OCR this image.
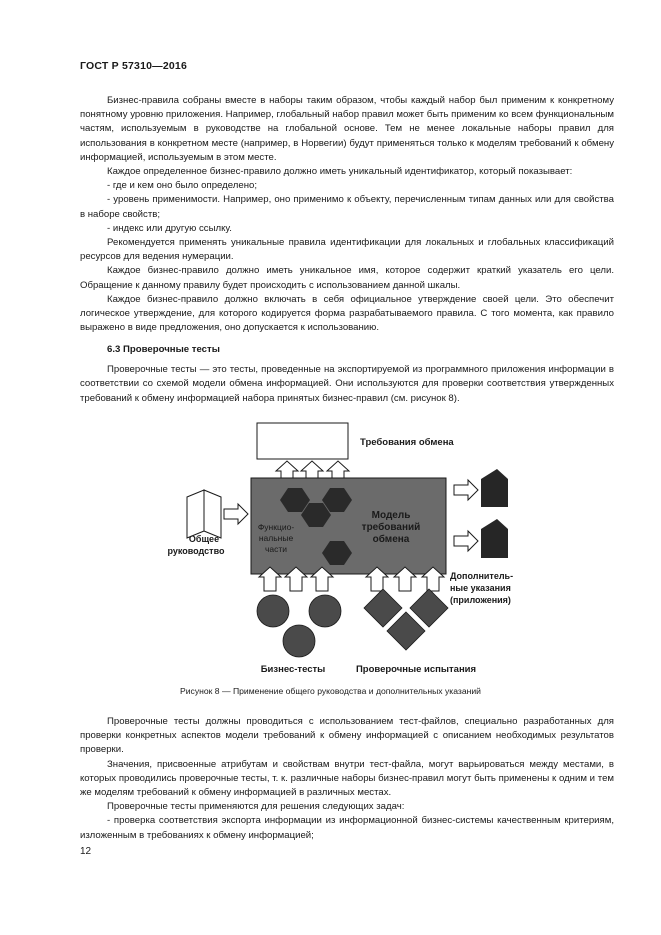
ГОСТ Р 57310—2016

Бизнес-правила собраны вместе в наборы таким образом, чтобы каждый набор был применим к конкретному понятному уровню приложения. Например, глобальный набор правил может быть применим ко всем функциональным частям, используемым в руководстве на глобальной основе. Тем не менее локальные наборы правил для использования в конкретном месте (например, в Норвегии) будут применяться только к моделям требований к обмену информацией, используемым в этом месте.

Каждое определенное бизнес-правило должно иметь уникальный идентификатор, который показывает:

- где и кем оно было определено;

- уровень применимости. Например, оно применимо к объекту, перечисленным типам данных или для свойства в наборе свойств;

- индекс или другую ссылку.

Рекомендуется применять уникальные правила идентификации для локальных и глобальных классификаций ресурсов для ведения нумерации.

Каждое бизнес-правило должно иметь уникальное имя, которое содержит краткий указатель его цели. Обращение к данному правилу будет происходить с использованием данной шкалы.

Каждое бизнес-правило должно включать в себя официальное утверждение своей цели. Это обеспечит логическое утверждение, для которого кодируется форма разрабатываемого правила. С того момента, как правило выражено в виде предложения, оно допускается к использованию.

6.3 Проверочные тесты

Проверочные тесты — это тесты, проведенные на экспортируемой из программного приложения информации в соответствии со схемой модели обмена информацией. Они используются для проверки соответствия утвержденных требований к обмену информацией набора принятых бизнес-правил (см. рисунок 8).

Требования обмена
Модель
требований
обмена
Функцио-
нальные
части
Общее
руководство
Дополнитель-
ные указания
(приложения)
Бизнес-тесты	Проверочные испытания
Рисунок 8 — Применение общего руководства и дополнительных указаний

Проверочные тесты должны проводиться с использованием тест-файлов, специально разработанных для проверки конкретных аспектов модели требований к обмену информацией с описанием необходимых результатов проверки.

Значения, присвоенные атрибутам и свойствам внутри тест-файла, могут варьироваться между местами, в которых проводились проверочные тесты, т. к. различные наборы бизнес-правил могут быть применены к одним и тем же моделям требований к обмену информацией в различных местах.

Проверочные тесты применяются для решения следующих задач:

- проверка соответствия экспорта информации из информационной бизнес-системы качественным критериям, изложенным в требованиях к обмену информацией;

12
